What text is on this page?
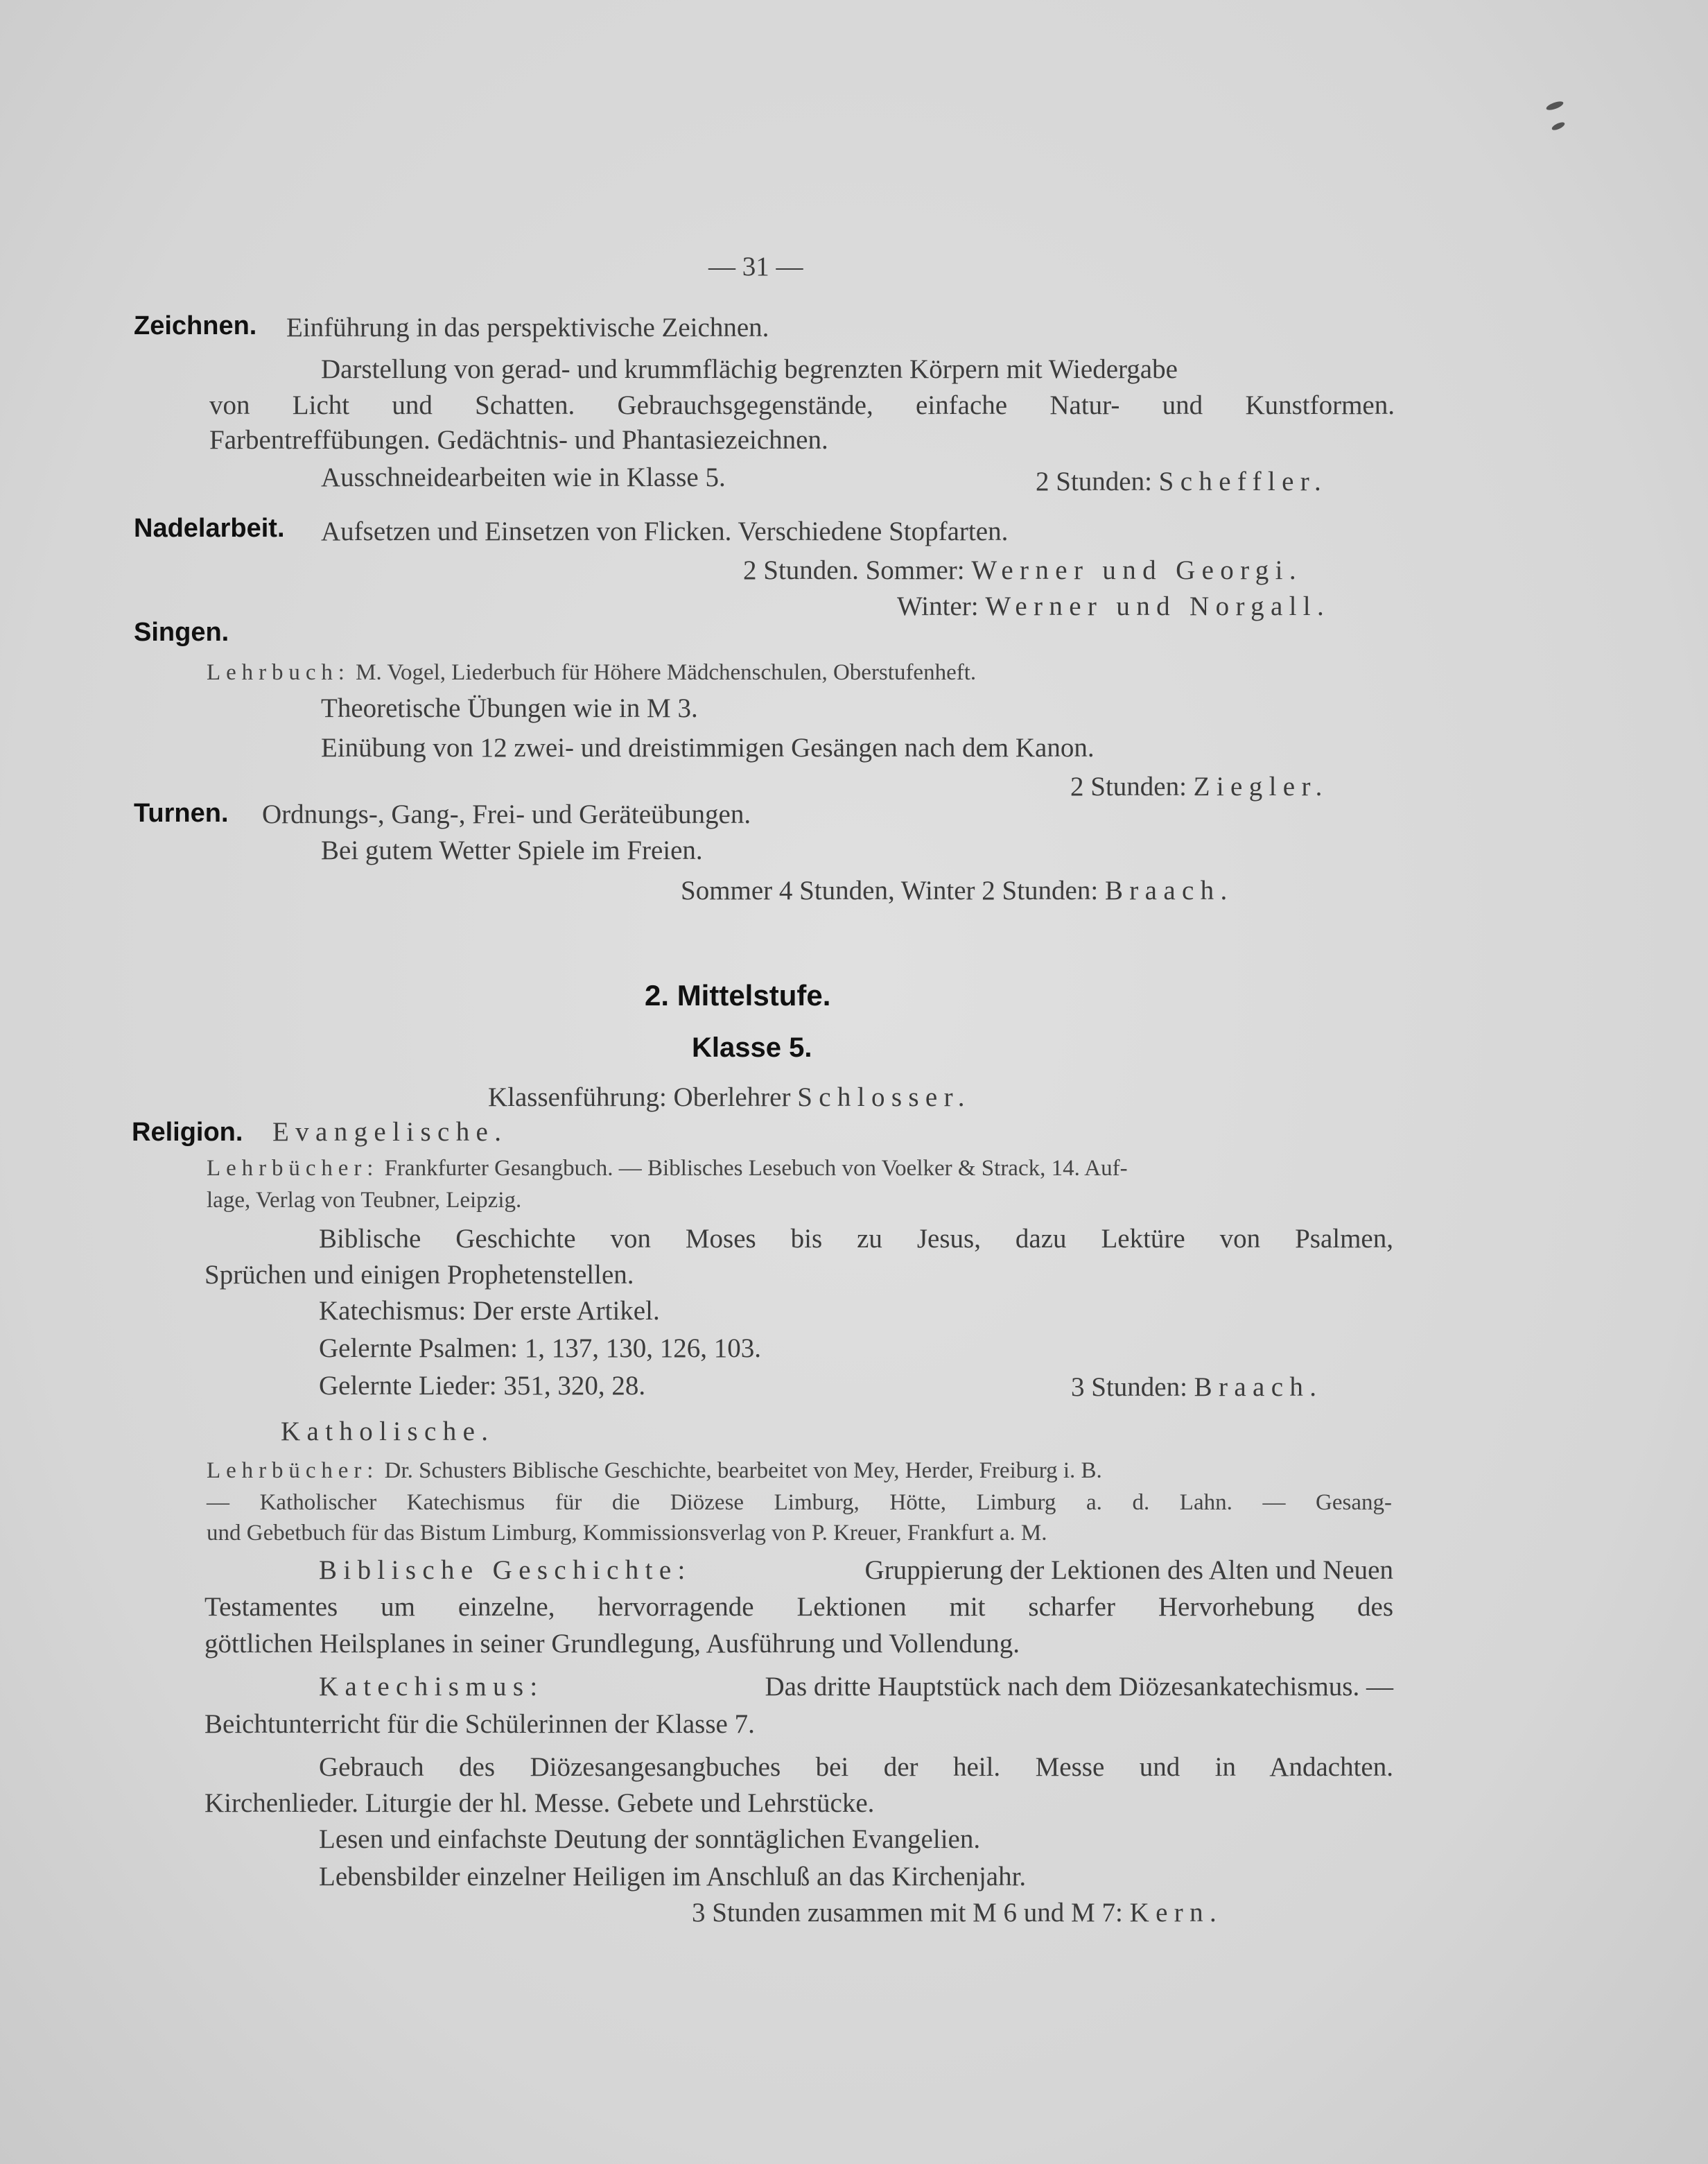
— 31 —
Zeichnen. Einführung in das perspektivische Zeichnen.
Darstellung von gerad- und krummflächig begrenzten Körpern mit Wiedergabe
von Licht und Schatten. Gebrauchsgegenstände, einfache Natur- und Kunstformen.
Farbentreffübungen. Gedächtnis- und Phantasiezeichnen.
Ausschneidearbeiten wie in Klasse 5.	2 Stunden: Scheffler.
Nadelarbeit. Aufsetzen und Einsetzen von Flicken. Verschiedene Stopfarten.
2 Stunden. Sommer: Werner und Georgi.
Winter: Werner und Norgall.
Singen.
Lehrbuch: M. Vogel, Liederbuch für Höhere Mädchenschulen, Oberstufenheft.
Theoretische Übungen wie in M 3.
Einübung von 12 zwei- und dreistimmigen Gesängen nach dem Kanon.
2 Stunden: Ziegler.
Turnen. Ordnungs-, Gang-, Frei- und Geräteübungen.
Bei gutem Wetter Spiele im Freien.
Sommer 4 Stunden, Winter 2 Stunden: Braach.
2. Mittelstufe.
Klasse 5.
Klassenführung: Oberlehrer Schlosser.
Religion. Evangelische.
Lehrbücher: Frankfurter Gesangbuch. — Biblisches Lesebuch von Voelker & Strack, 14. Auf-
lage, Verlag von Teubner, Leipzig.
Biblische Geschichte von Moses bis zu Jesus, dazu Lektüre von Psalmen,
Sprüchen und einigen Prophetenstellen.
Katechismus: Der erste Artikel.
Gelernte Psalmen: 1, 137, 130, 126, 103.
Gelernte Lieder: 351, 320, 28.	3 Stunden: Braach.
Katholische.
Lehrbücher: Dr. Schusters Biblische Geschichte, bearbeitet von Mey, Herder, Freiburg i. B.
— Katholischer Katechismus für die Diözese Limburg, Hötte, Limburg a. d. Lahn. — Gesang-
und Gebetbuch für das Bistum Limburg, Kommissionsverlag von P. Kreuer, Frankfurt a. M.
Biblische Geschichte:	Gruppierung der Lektionen des Alten und Neuen
Testamentes um einzelne, hervorragende Lektionen mit scharfer Hervorhebung des
göttlichen Heilsplanes in seiner Grundlegung, Ausführung und Vollendung.
Katechismus:	Das dritte Hauptstück nach dem Diözesankatechismus. —
Beichtunterricht für die Schülerinnen der Klasse 7.
Gebrauch des Diözesangesangbuches bei der heil. Messe und in Andachten.
Kirchenlieder. Liturgie der hl. Messe. Gebete und Lehrstücke.
Lesen und einfachste Deutung der sonntäglichen Evangelien.
Lebensbilder einzelner Heiligen im Anschluß an das Kirchenjahr.
3 Stunden zusammen mit M 6 und M 7: Kern.
